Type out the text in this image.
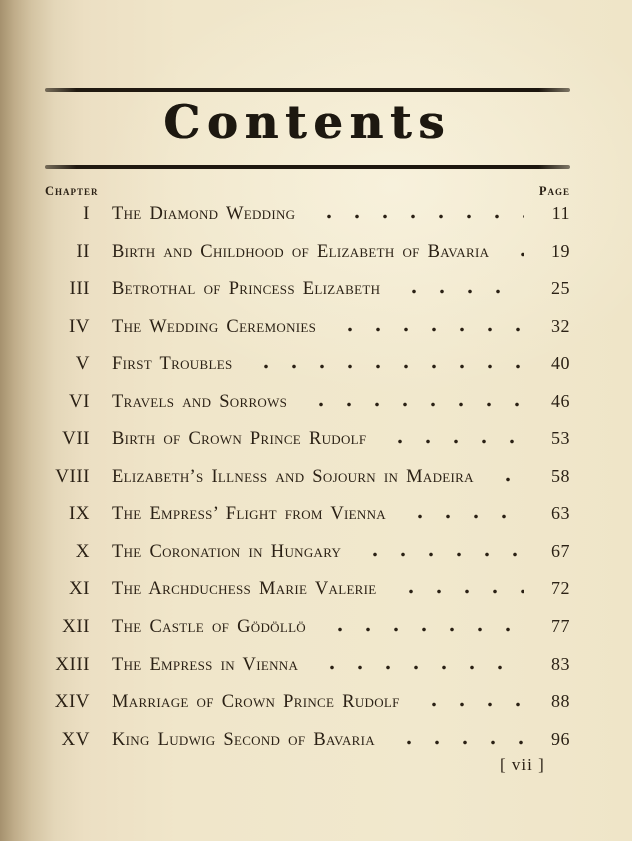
Contents
Chapter	Page
I The Diamond Wedding	11
II Birth and Childhood of Elizabeth of Bavaria	19
III Betrothal of Princess Elizabeth	25
IV The Wedding Ceremonies	32
V First Troubles	40
VI Travels and Sorrows	46
VII Birth of Crown Prince Rudolf	53
VIII Elizabeth’s Illness and Sojourn in Madeira	58
IX The Empress’ Flight from Vienna	63
X The Coronation in Hungary	67
XI The Archduchess Marie Valerie	72
XII The Castle of Gödöllö	77
XIII The Empress in Vienna	83
XIV Marriage of Crown Prince Rudolf	88
XV King Ludwig Second of Bavaria	96
[ vii ]
